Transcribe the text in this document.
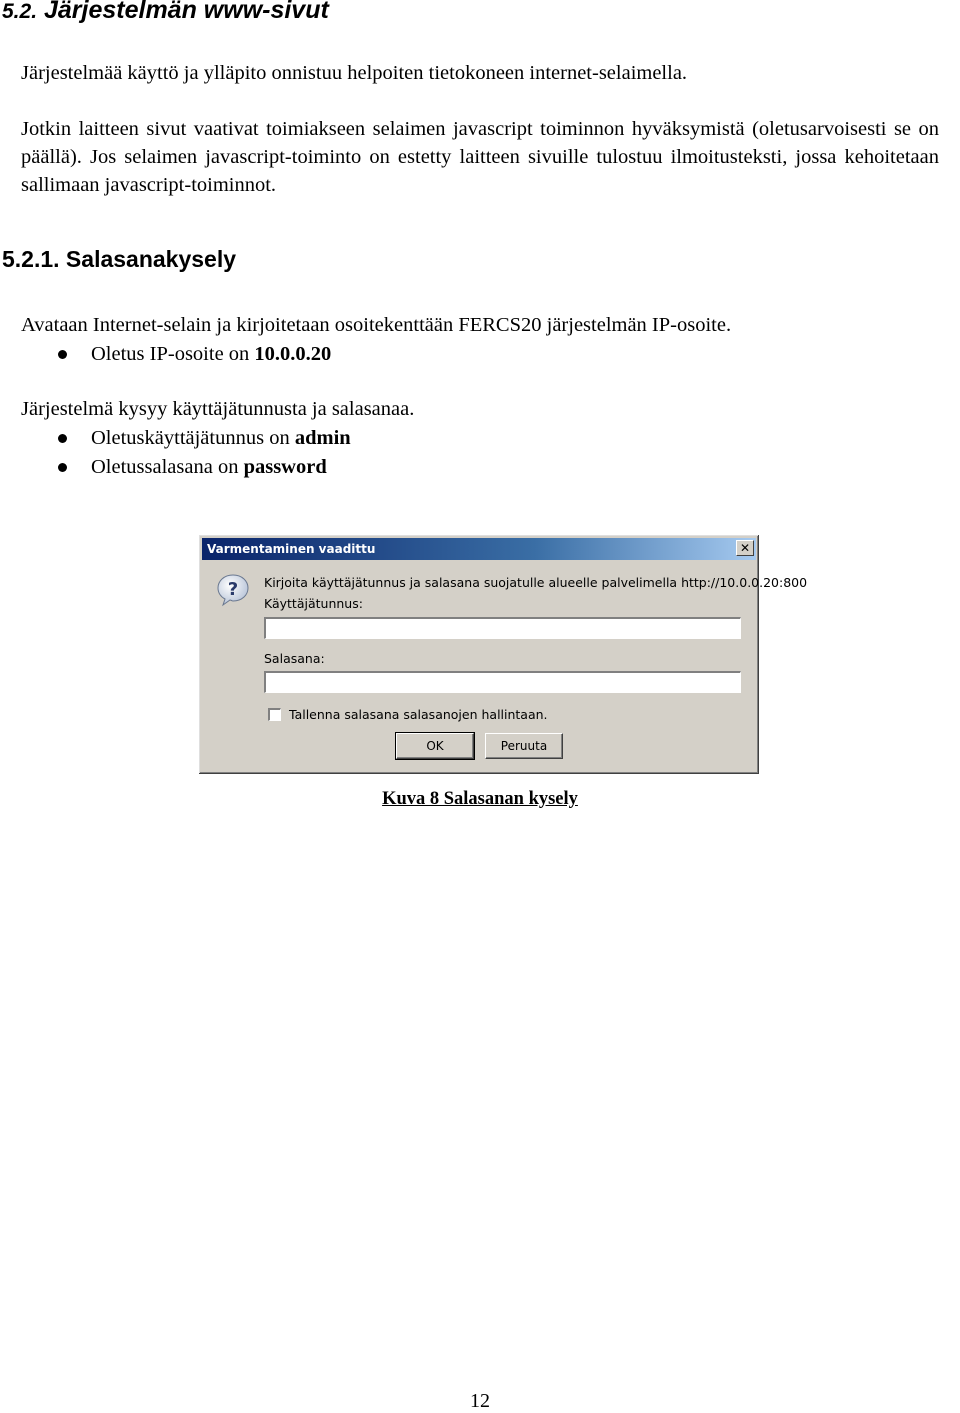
5.2. Järjestelmän www-sivut
Järjestelmää käyttö ja ylläpito onnistuu helpoiten tietokoneen internet-selaimella.
Jotkin laitteen sivut vaativat toimiakseen selaimen javascript toiminnon hyväksymistä (oletusarvoisesti se on päällä). Jos selaimen javascript-toiminto on estetty laitteen sivuille tulostuu ilmoitusteksti, jossa kehoitetaan sallimaan javascript-toiminnot.
5.2.1. Salasanakysely
Avataan Internet-selain ja kirjoitetaan osoitekenttään FERCS20 järjestelmän IP-osoite.
Oletus IP-osoite on 10.0.0.20
Järjestelmä kysyy käyttäjätunnusta ja salasanaa.
Oletuskäyttäjätunnus on admin
Oletussalasana on password
Varmentaminen vaadittu	✕
? Kirjoita käyttäjätunnus ja salasana suojatulle alueelle palvelimella http://10.0.0.20:800
Käyttäjätunnus:
Salasana:
Tallenna salasana salasanojen hallintaan.
OK	Peruuta
Kuva 8 Salasanan kysely
12
